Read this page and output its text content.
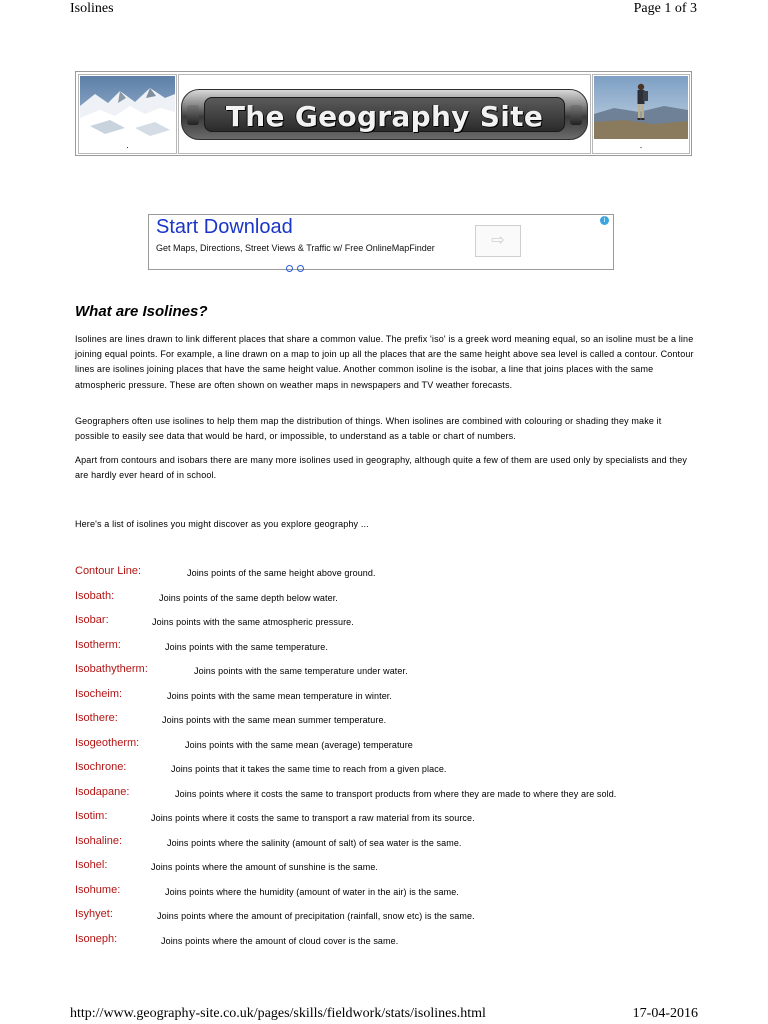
Isolines	Page 1 of 3
.
The Geography Site
.
Start Download
Get Maps, Directions, Street Views & Traffic w/ Free OnlineMapFinder	⇨
i
What are Isolines?

Isolines are lines drawn to link different places that share a common value. The prefix 'iso' is a greek word meaning equal, so an isoline must be a line joining equal points. For example, a line drawn on a map to join up all the places that are the same height above sea level is called a contour. Contour lines are isolines joining places that have the same height value. Another common isoline is the isobar, a line that joins places with the same atmospheric pressure. These are often shown on weather maps in newspapers and TV weather forecasts.

Geographers often use isolines to help them map the distribution of things. When isolines are combined with colouring or shading they make it possible to easily see data that would be hard, or impossible, to understand as a table or chart of numbers.

Apart from contours and isobars there are many more isolines used in geography, although quite a few of them are used only by specialists and they are hardly ever heard of in school.

Here's a list of isolines you might discover as you explore geography ...

Contour Line:	Joins points of the same height above ground.
Isobath:	Joins points of the same depth below water.
Isobar:	Joins points with the same atmospheric pressure.
Isotherm:	Joins points with the same temperature.
Isobathytherm:	Joins points with the same temperature under water.
Isocheim:	Joins points with the same mean temperature in winter.
Isothere:	Joins points with the same mean summer temperature.
Isogeotherm:	Joins points with the same mean (average) temperature
Isochrone:	Joins points that it takes the same time to reach from a given place.
Isodapane:	Joins points where it costs the same to transport products from where they are made to where they are sold.
Isotim:	Joins points where it costs the same to transport a raw material from its source.
Isohaline:	Joins points where the salinity (amount of salt) of sea water is the same.
Isohel:	Joins points where the amount of sunshine is the same.
Isohume:	Joins points where the humidity (amount of water in the air) is the same.
Isyhyet:	Joins points where the amount of precipitation (rainfall, snow etc) is the same.
Isoneph:	Joins points where the amount of cloud cover is the same.
http://www.geography-site.co.uk/pages/skills/fieldwork/stats/isolines.html	17-04-2016
